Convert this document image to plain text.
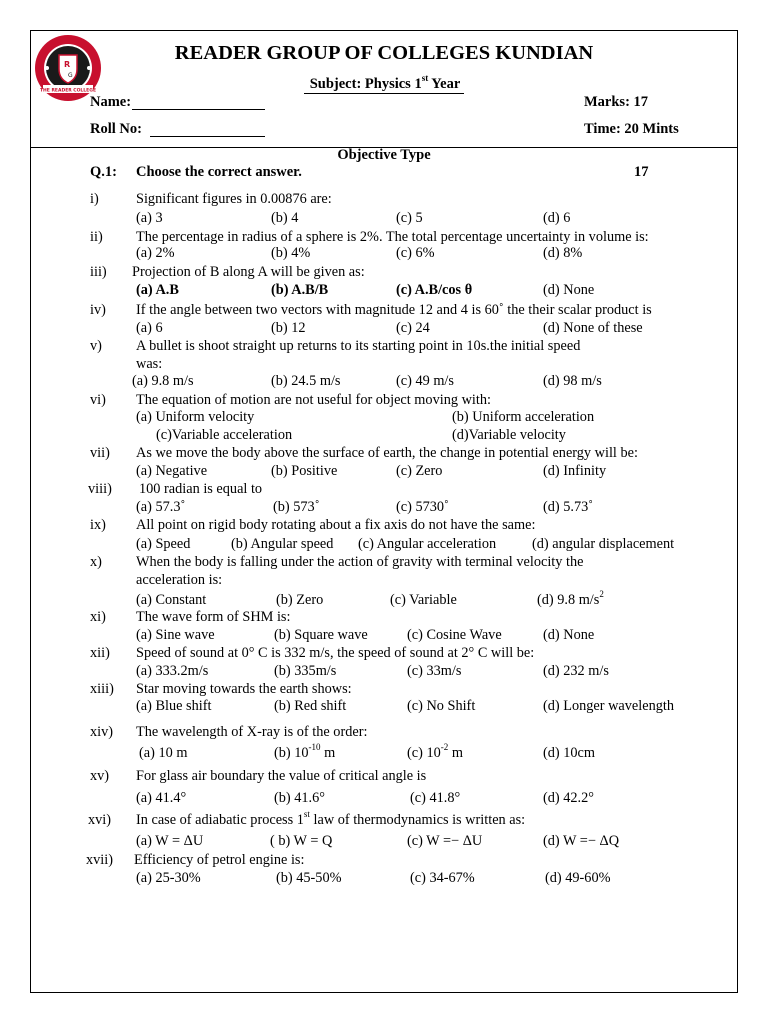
R
G
THE READER COLLEGE
READER GROUP OF COLLEGES KUNDIAN
Subject: Physics 1st Year
Name:	Marks: 17
Roll No:	Time: 20 Mints
Objective Type
Q.1: Choose the correct answer.	17
i)	Significant figures in 0.00876 are:
(a) 3	(b) 4	(c) 5	(d) 6
ii) The percentage in radius of a sphere is 2%. The total percentage uncertainty in volume is:
(a) 2%	(b) 4%	(c) 6%	(d) 8%
iii) Projection of B along A will be given as:
(a) A.B	(b) A.B/B	(c) A.B/cos θ	(d) None
iv) If the angle between two vectors with magnitude 12 and 4 is 60˚ the their scalar product is
(a) 6	(b) 12	(c) 24	(d) None of these
v) A bullet is shoot straight up returns to its starting point in 10s.the initial speed
was:
(a) 9.8 m/s	(b) 24.5 m/s	(c) 49 m/s	(d) 98 m/s
vi) The equation of motion are not useful for object moving with:
(a) Uniform velocity	(b) Uniform acceleration
(c)Variable acceleration	(d)Variable velocity
vii) As we move the body above the surface of earth, the change in potential energy will be:
(a) Negative	(b) Positive	(c) Zero	(d) Infinity
viii) 100 radian is equal to
(a) 57.3˚	(b) 573˚	(c) 5730˚	(d) 5.73˚
ix) All point on rigid body rotating about a fix axis do not have the same:
(a) Speed	(b) Angular speed (c) Angular acceleration	(d) angular displacement
x) When the body is falling under the action of gravity with terminal velocity the
acceleration is:
(a) Constant	(b) Zero	(c) Variable	(d) 9.8 $m/s^2$
xi) The wave form of SHM is:
(a) Sine wave	(b) Square wave	(c) Cosine Wave	(d) None
xii) Speed of sound at 0° C is 332 m/s, the speed of sound at 2° C will be:
(a) 333.2m/s	(b) 335m/s	(c) 33m/s	(d) 232 m/s
xiii) Star moving towards the earth shows:
(a) Blue shift	(b) Red shift	(c) No Shift	(d) Longer wavelength
xiv) The wavelength of X-ray is of the order:
(a) 10 m	(b) $10^{-10}$ m	(c) $10^{-2}$ m	(d) 10cm
xv) For glass air boundary the value of critical angle is
(a) 41.4°	(b) 41.6°	(c) 41.8°	(d) 42.2°
xvi) In case of adiabatic process 1st law of thermodynamics is written as:
(a) W = ΔU	( b) W = Q	(c) W =− ΔU	(d) W =− ΔQ
xvii) Efficiency of petrol engine is:
(a) 25-30%	(b) 45-50%	(c) 34-67%	(d) 49-60%
